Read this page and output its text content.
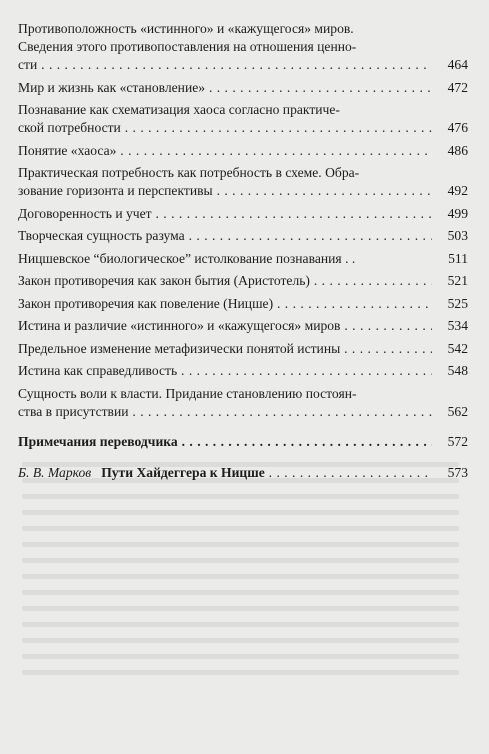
Противоположность «истинного» и «кажущегося» миров.
Сведения этого противопоставления на отношения ценно-
сти . . .	464
Мир и жизнь как «становление» . . .	472
Познавание как схематизация хаоса согласно практиче-
ской потребности . . .	476
Понятие «хаоса» . . .	486
Практическая потребность как потребность в схеме. Обра-
зование горизонта и перспективы . . .	492
Договоренность и учет . . .	499
Творческая сущность разума . . .	503
Ницшевское “биологическое” истолкование познавания . .	511
Закон противоречия как закон бытия (Аристотель) . . .	521
Закон противоречия как повеление (Ницше) . . .	525
Истина и различие «истинного» и «кажущегося» миров . . .	534
Предельное изменение метафизически понятой истины . . .	542
Истина как справедливость . . .	548
Сущность воли к власти. Придание становлению постоян-
ства в присутствии . . .	562
Примечания переводчика . . .	572
Б. В. Марков Пути Хайдеггера к Ницше . . .	573
